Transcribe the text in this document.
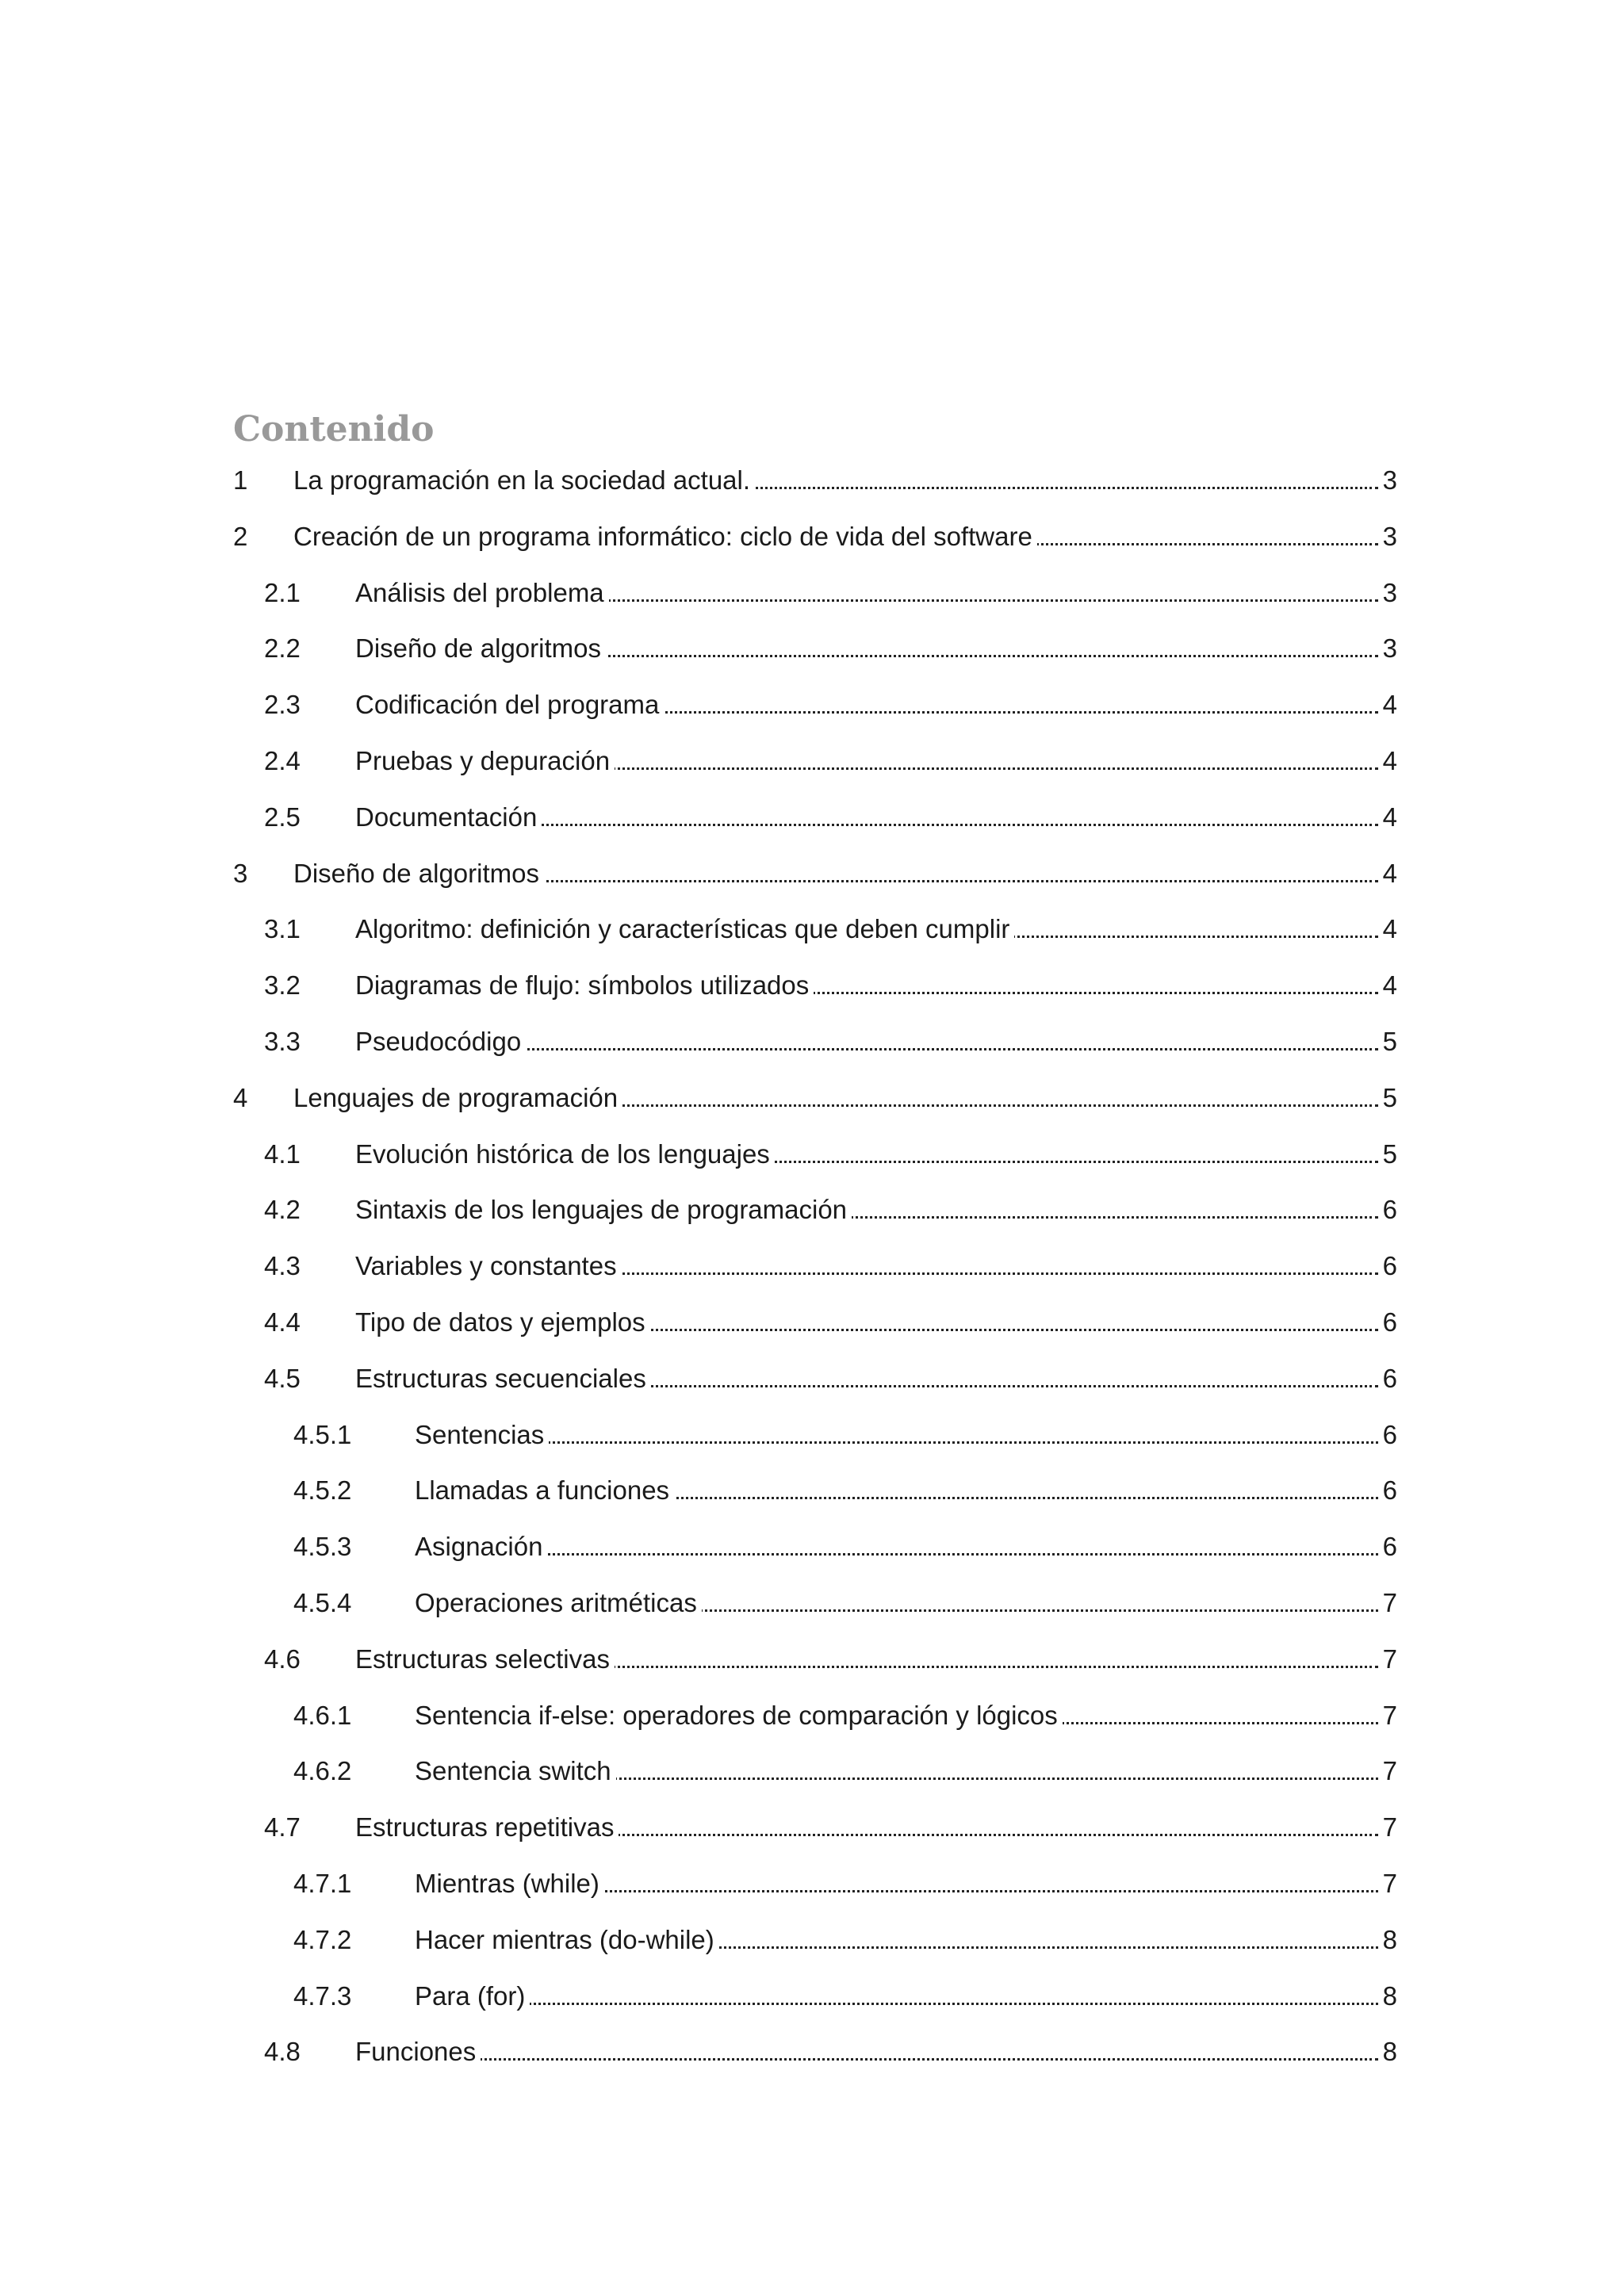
Contenido
1 La programación en la sociedad actual.	3
2 Creación de un programa informático: ciclo de vida del software	3
2.1 Análisis del problema	3
2.2 Diseño de algoritmos	3
2.3 Codificación del programa	4
2.4 Pruebas y depuración	4
2.5 Documentación	4
3 Diseño de algoritmos	4
3.1 Algoritmo: definición y características que deben cumplir	4
3.2 Diagramas de flujo: símbolos utilizados	4
3.3 Pseudocódigo	5
4 Lenguajes de programación	5
4.1 Evolución histórica de los lenguajes	5
4.2 Sintaxis de los lenguajes de programación	6
4.3 Variables y constantes	6
4.4 Tipo de datos y ejemplos	6
4.5 Estructuras secuenciales	6
4.5.1 Sentencias	6
4.5.2 Llamadas a funciones	6
4.5.3 Asignación	6
4.5.4 Operaciones aritméticas	7
4.6 Estructuras selectivas	7
4.6.1 Sentencia if-else: operadores de comparación y lógicos	7
4.6.2 Sentencia switch	7
4.7 Estructuras repetitivas	7
4.7.1 Mientras (while)	7
4.7.2 Hacer mientras (do-while)	8
4.7.3 Para (for)	8
4.8 Funciones	8
